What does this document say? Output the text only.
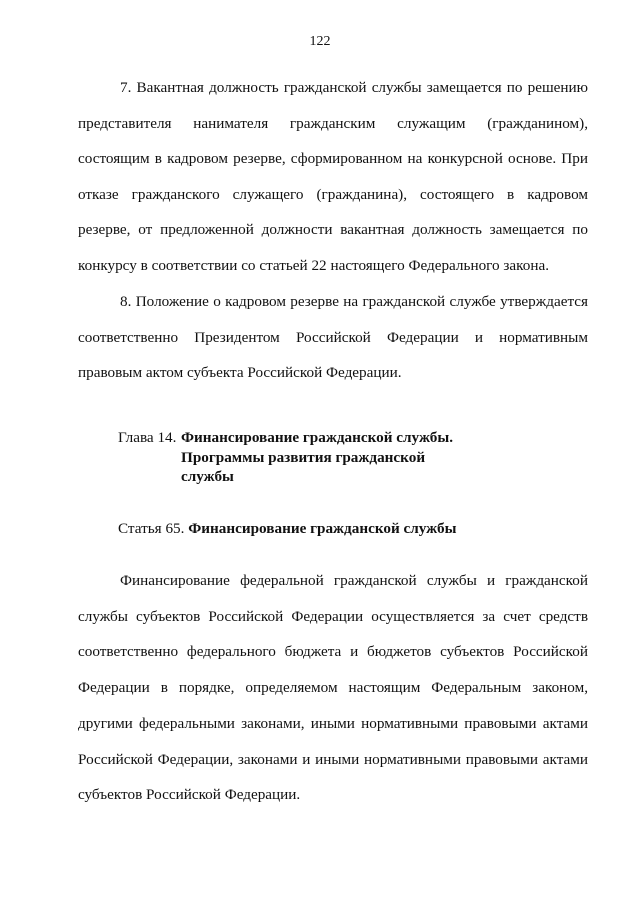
122

7. Вакантная должность гражданской службы замещается по решению представителя нанимателя гражданским служащим (гражданином), состоящим в кадровом резерве, сформированном на конкурсной основе. При отказе гражданского служащего (гражданина), состоящего в кадровом резерве, от предложенной должности вакантная должность замещается по конкурсу в соответствии со статьей 22 настоящего Федерального закона.

8. Положение о кадровом резерве на гражданской службе утверждается соответственно Президентом Российской Федерации и нормативным правовым актом субъекта Российской Федерации.

Глава 14. Финансирование гражданской службы.
Программы развития гражданской
службы
Статья 65. Финансирование гражданской службы

Финансирование федеральной гражданской службы и гражданской службы субъектов Российской Федерации осуществляется за счет средств соответственно федерального бюджета и бюджетов субъектов Российской Федерации в порядке, определяемом настоящим Федеральным законом, другими федеральными законами, иными нормативными правовыми актами Российской Федерации, законами и иными нормативными правовыми актами субъектов Российской Федерации.
